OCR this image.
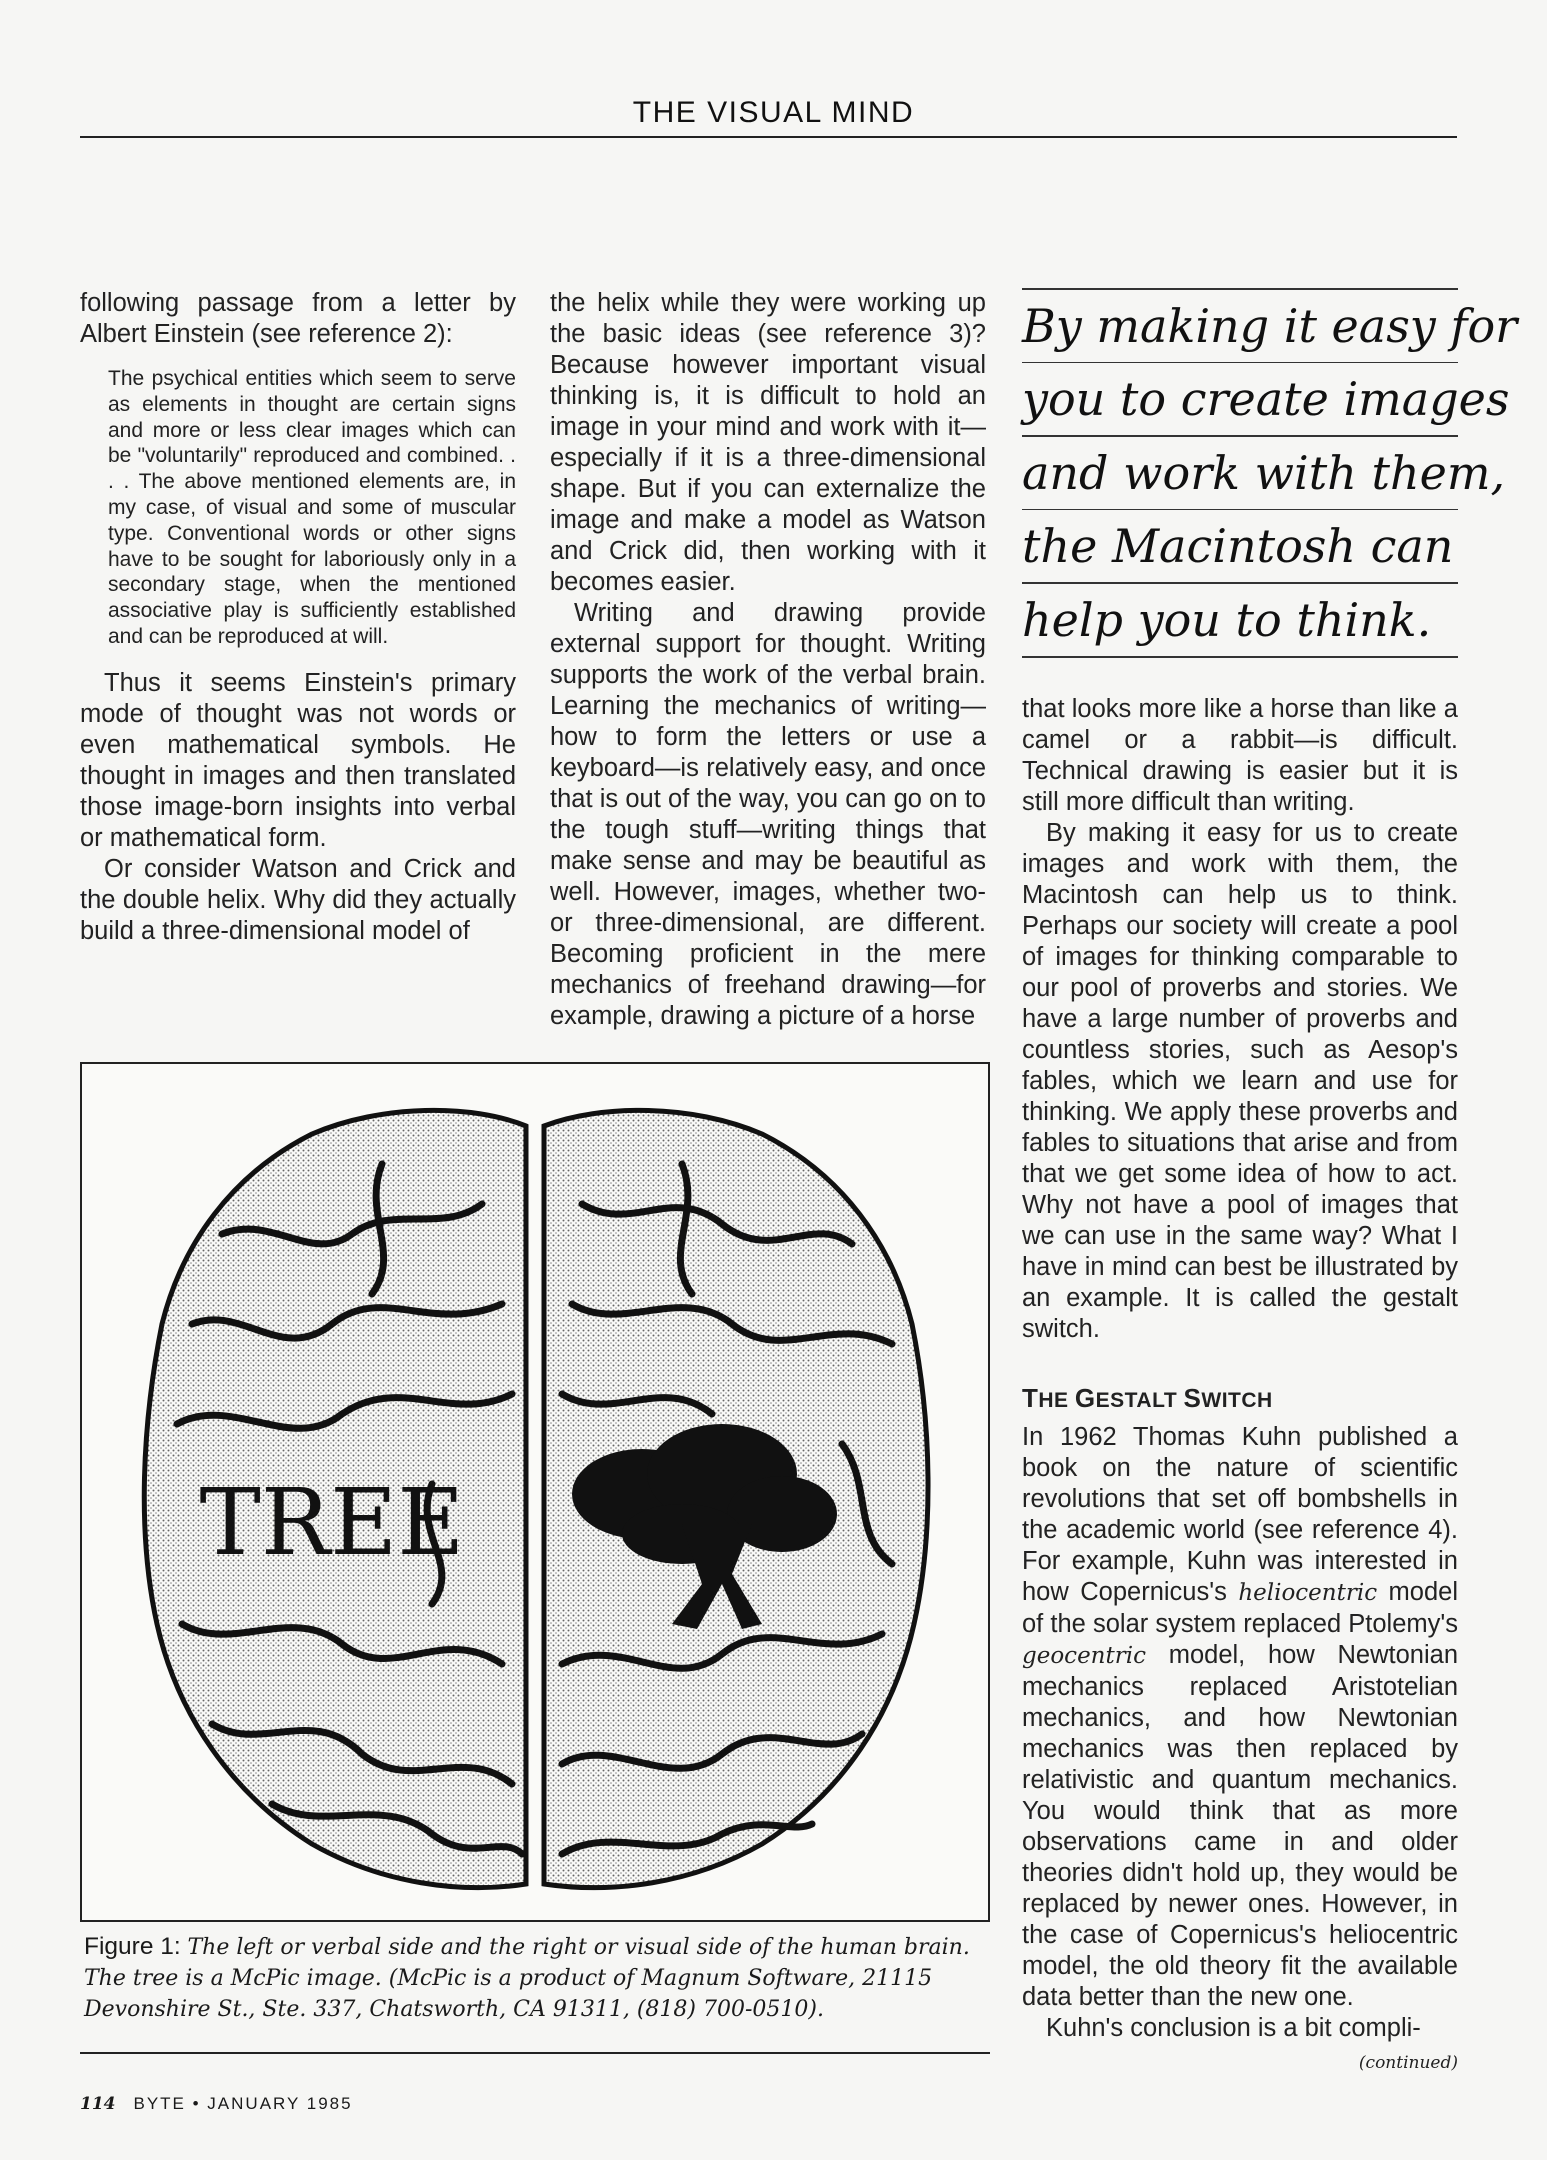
THE VISUAL MIND

following passage from a letter by Albert Einstein (see reference 2):

The psychical entities which seem to serve as elements in thought are certain signs and more or less clear images which can be "voluntarily" reproduced and combined. . . . The above mentioned elements are, in my case, of visual and some of muscular type. Conventional words or other signs have to be sought for laboriously only in a secondary stage, when the mentioned associative play is sufficiently established and can be reproduced at will.

Thus it seems Einstein's primary mode of thought was not words or even mathematical symbols. He thought in images and then translated those image-born insights into verbal or mathematical form.

Or consider Watson and Crick and the double helix. Why did they actually build a three-dimensional model of

the helix while they were working up the basic ideas (see reference 3)? Because however important visual thinking is, it is difficult to hold an image in your mind and work with it—especially if it is a three-dimensional shape. But if you can externalize the image and make a model as Watson and Crick did, then working with it becomes easier.

Writing and drawing provide external support for thought. Writing supports the work of the verbal brain. Learning the mechanics of writing—how to form the letters or use a keyboard—is relatively easy, and once that is out of the way, you can go on to the tough stuff—writing things that make sense and may be beautiful as well. However, images, whether two- or three-dimensional, are different. Becoming proficient in the mere mechanics of freehand drawing—for example, drawing a picture of a horse

By making it easy for
you to create images
and work with them,
the Macintosh can
help you to think.

that looks more like a horse than like a camel or a rabbit—is difficult. Technical drawing is easier but it is still more difficult than writing.

By making it easy for us to create images and work with them, the Macintosh can help us to think. Perhaps our society will create a pool of images for thinking comparable to our pool of proverbs and stories. We have a large number of proverbs and countless stories, such as Aesop's fables, which we learn and use for thinking. We apply these proverbs and fables to situations that arise and from that we get some idea of how to act. Why not have a pool of images that we can use in the same way? What I have in mind can best be illustrated by an example. It is called the gestalt switch.

THE GESTALT SWITCH

In 1962 Thomas Kuhn published a book on the nature of scientific revolutions that set off bombshells in the academic world (see reference 4). For example, Kuhn was interested in how Copernicus's heliocentric model of the solar system replaced Ptolemy's geocentric model, how Newtonian mechanics replaced Aristotelian mechanics, and how Newtonian mechanics was then replaced by relativistic and quantum mechanics. You would think that as more observations came in and older theories didn't hold up, they would be replaced by newer ones. However, in the case of Copernicus's heliocentric model, the old theory fit the available data better than the new one.

Kuhn's conclusion is a bit compli-

(continued)

TREE
Figure 1: The left or verbal side and the right or visual side of the human brain. The tree is a McPic image. (McPic is a product of Magnum Software, 21115 Devonshire St., Ste. 337, Chatsworth, CA 91311, (818) 700-0510).
114 BYTE • JANUARY 1985
